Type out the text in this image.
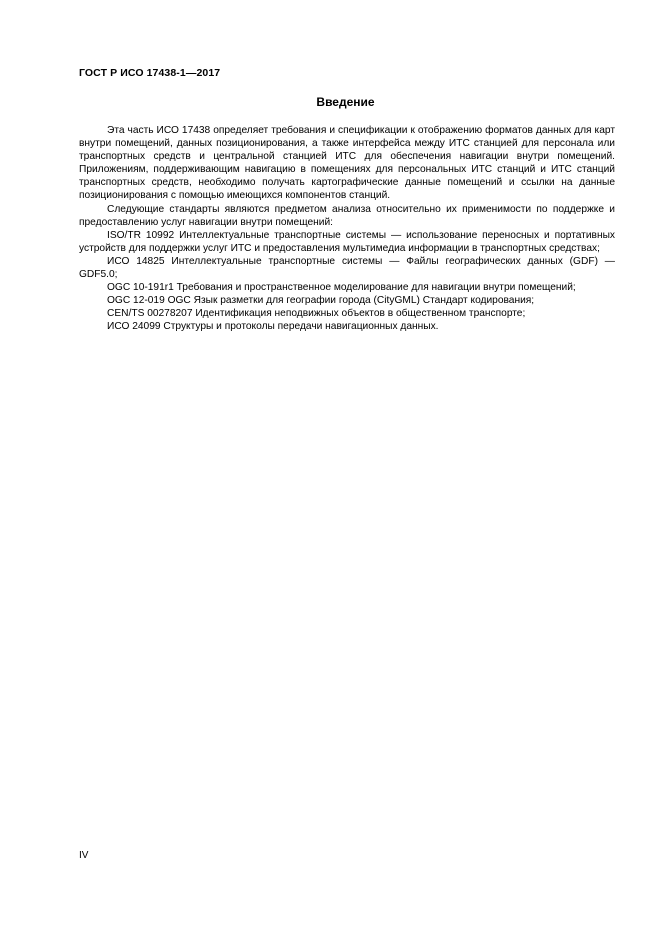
ГОСТ Р ИСО 17438-1—2017
Введение

Эта часть ИСО 17438 определяет требования и спецификации к отображению форматов данных для карт внутри помещений, данных позиционирования, а также интерфейса между ИТС станцией для персонала или транспортных средств и центральной станцией ИТС для обеспечения навигации внутри помещений. Приложениям, поддерживающим навигацию в помещениях для персональных ИТС станций и ИТС станций транспортных средств, необходимо получать картографические данные помещений и ссылки на данные позиционирования с помощью имеющихся компонентов станций.

Следующие стандарты являются предметом анализа относительно их применимости по поддержке и предоставлению услуг навигации внутри помещений:

ISO/TR 10992 Интеллектуальные транспортные системы — использование переносных и портативных устройств для поддержки услуг ИТС и предоставления мультимедиа информации в транспортных средствах;

ИСО 14825 Интеллектуальные транспортные системы — Файлы географических данных (GDF) — GDF5.0;

OGC 10-191r1 Требования и пространственное моделирование для навигации внутри помещений;

OGC 12-019 OGC Язык разметки для географии города (CityGML) Стандарт кодирования;

CEN/TS 00278207 Идентификация неподвижных объектов в общественном транспорте;

ИСО 24099 Структуры и протоколы передачи навигационных данных.

IV
